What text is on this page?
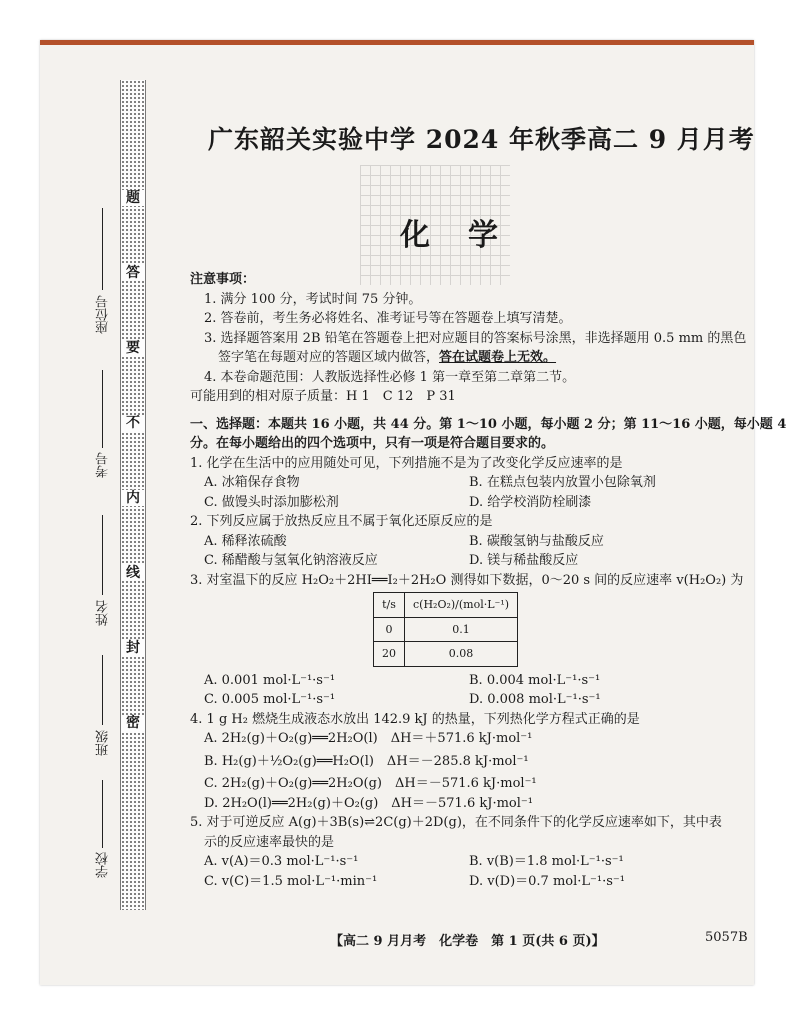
题
答
要
不
内
线
封
密
座位号
考号
姓名
班级
学校
广东韶关实验中学 2024 年秋季高二 9 月月考
化学
注意事项：
1. 满分 100 分，考试时间 75 分钟。
2. 答卷前，考生务必将姓名、准考证号等在答题卷上填写清楚。
3. 选择题答案用 2B 铅笔在答题卷上把对应题目的答案标号涂黑，非选择题用 0.5 mm 的黑色
签字笔在每题对应的答题区域内做答，答在试题卷上无效。
4. 本卷命题范围：人教版选择性必修 1 第一章至第二章第二节。
可能用到的相对原子质量：H 1　C 12　P 31
一、选择题：本题共 16 小题，共 44 分。第 1～10 小题，每小题 2 分；第 11～16 小题，每小题 4
分。在每小题给出的四个选项中，只有一项是符合题目要求的。
1. 化学在生活中的应用随处可见，下列措施不是为了改变化学反应速率的是
A. 冰箱保存食物	B. 在糕点包装内放置小包除氧剂
C. 做馒头时添加膨松剂	D. 给学校消防栓刷漆
2. 下列反应属于放热反应且不属于氧化还原反应的是
A. 稀释浓硫酸	B. 碳酸氢钠与盐酸反应
C. 稀醋酸与氢氧化钠溶液反应	D. 镁与稀盐酸反应
3. 对室温下的反应 H₂O₂＋2HI══I₂＋2H₂O 测得如下数据，0～20 s 间的反应速率 v(H₂O₂) 为
t/s	c(H₂O₂)/(mol·L⁻¹)
0	0.1
20	0.08
A. 0.001 mol·L⁻¹·s⁻¹	B. 0.004 mol·L⁻¹·s⁻¹
C. 0.005 mol·L⁻¹·s⁻¹	D. 0.008 mol·L⁻¹·s⁻¹
4. 1 g H₂ 燃烧生成液态水放出 142.9 kJ 的热量，下列热化学方程式正确的是
A. 2H₂(g)＋O₂(g)══2H₂O(l)　ΔH＝＋571.6 kJ·mol⁻¹
B. H₂(g)＋½O₂(g)══H₂O(l)　ΔH＝－285.8 kJ·mol⁻¹
C. 2H₂(g)＋O₂(g)══2H₂O(g)　ΔH＝－571.6 kJ·mol⁻¹
D. 2H₂O(l)══2H₂(g)＋O₂(g)　ΔH＝－571.6 kJ·mol⁻¹
5. 对于可逆反应 A(g)＋3B(s)⇌2C(g)＋2D(g)，在不同条件下的化学反应速率如下，其中表
示的反应速率最快的是
A. v(A)＝0.3 mol·L⁻¹·s⁻¹	B. v(B)＝1.8 mol·L⁻¹·s⁻¹
C. v(C)＝1.5 mol·L⁻¹·min⁻¹	D. v(D)＝0.7 mol·L⁻¹·s⁻¹
【高二 9 月月考　化学卷　第 1 页(共 6 页)】	5057B
